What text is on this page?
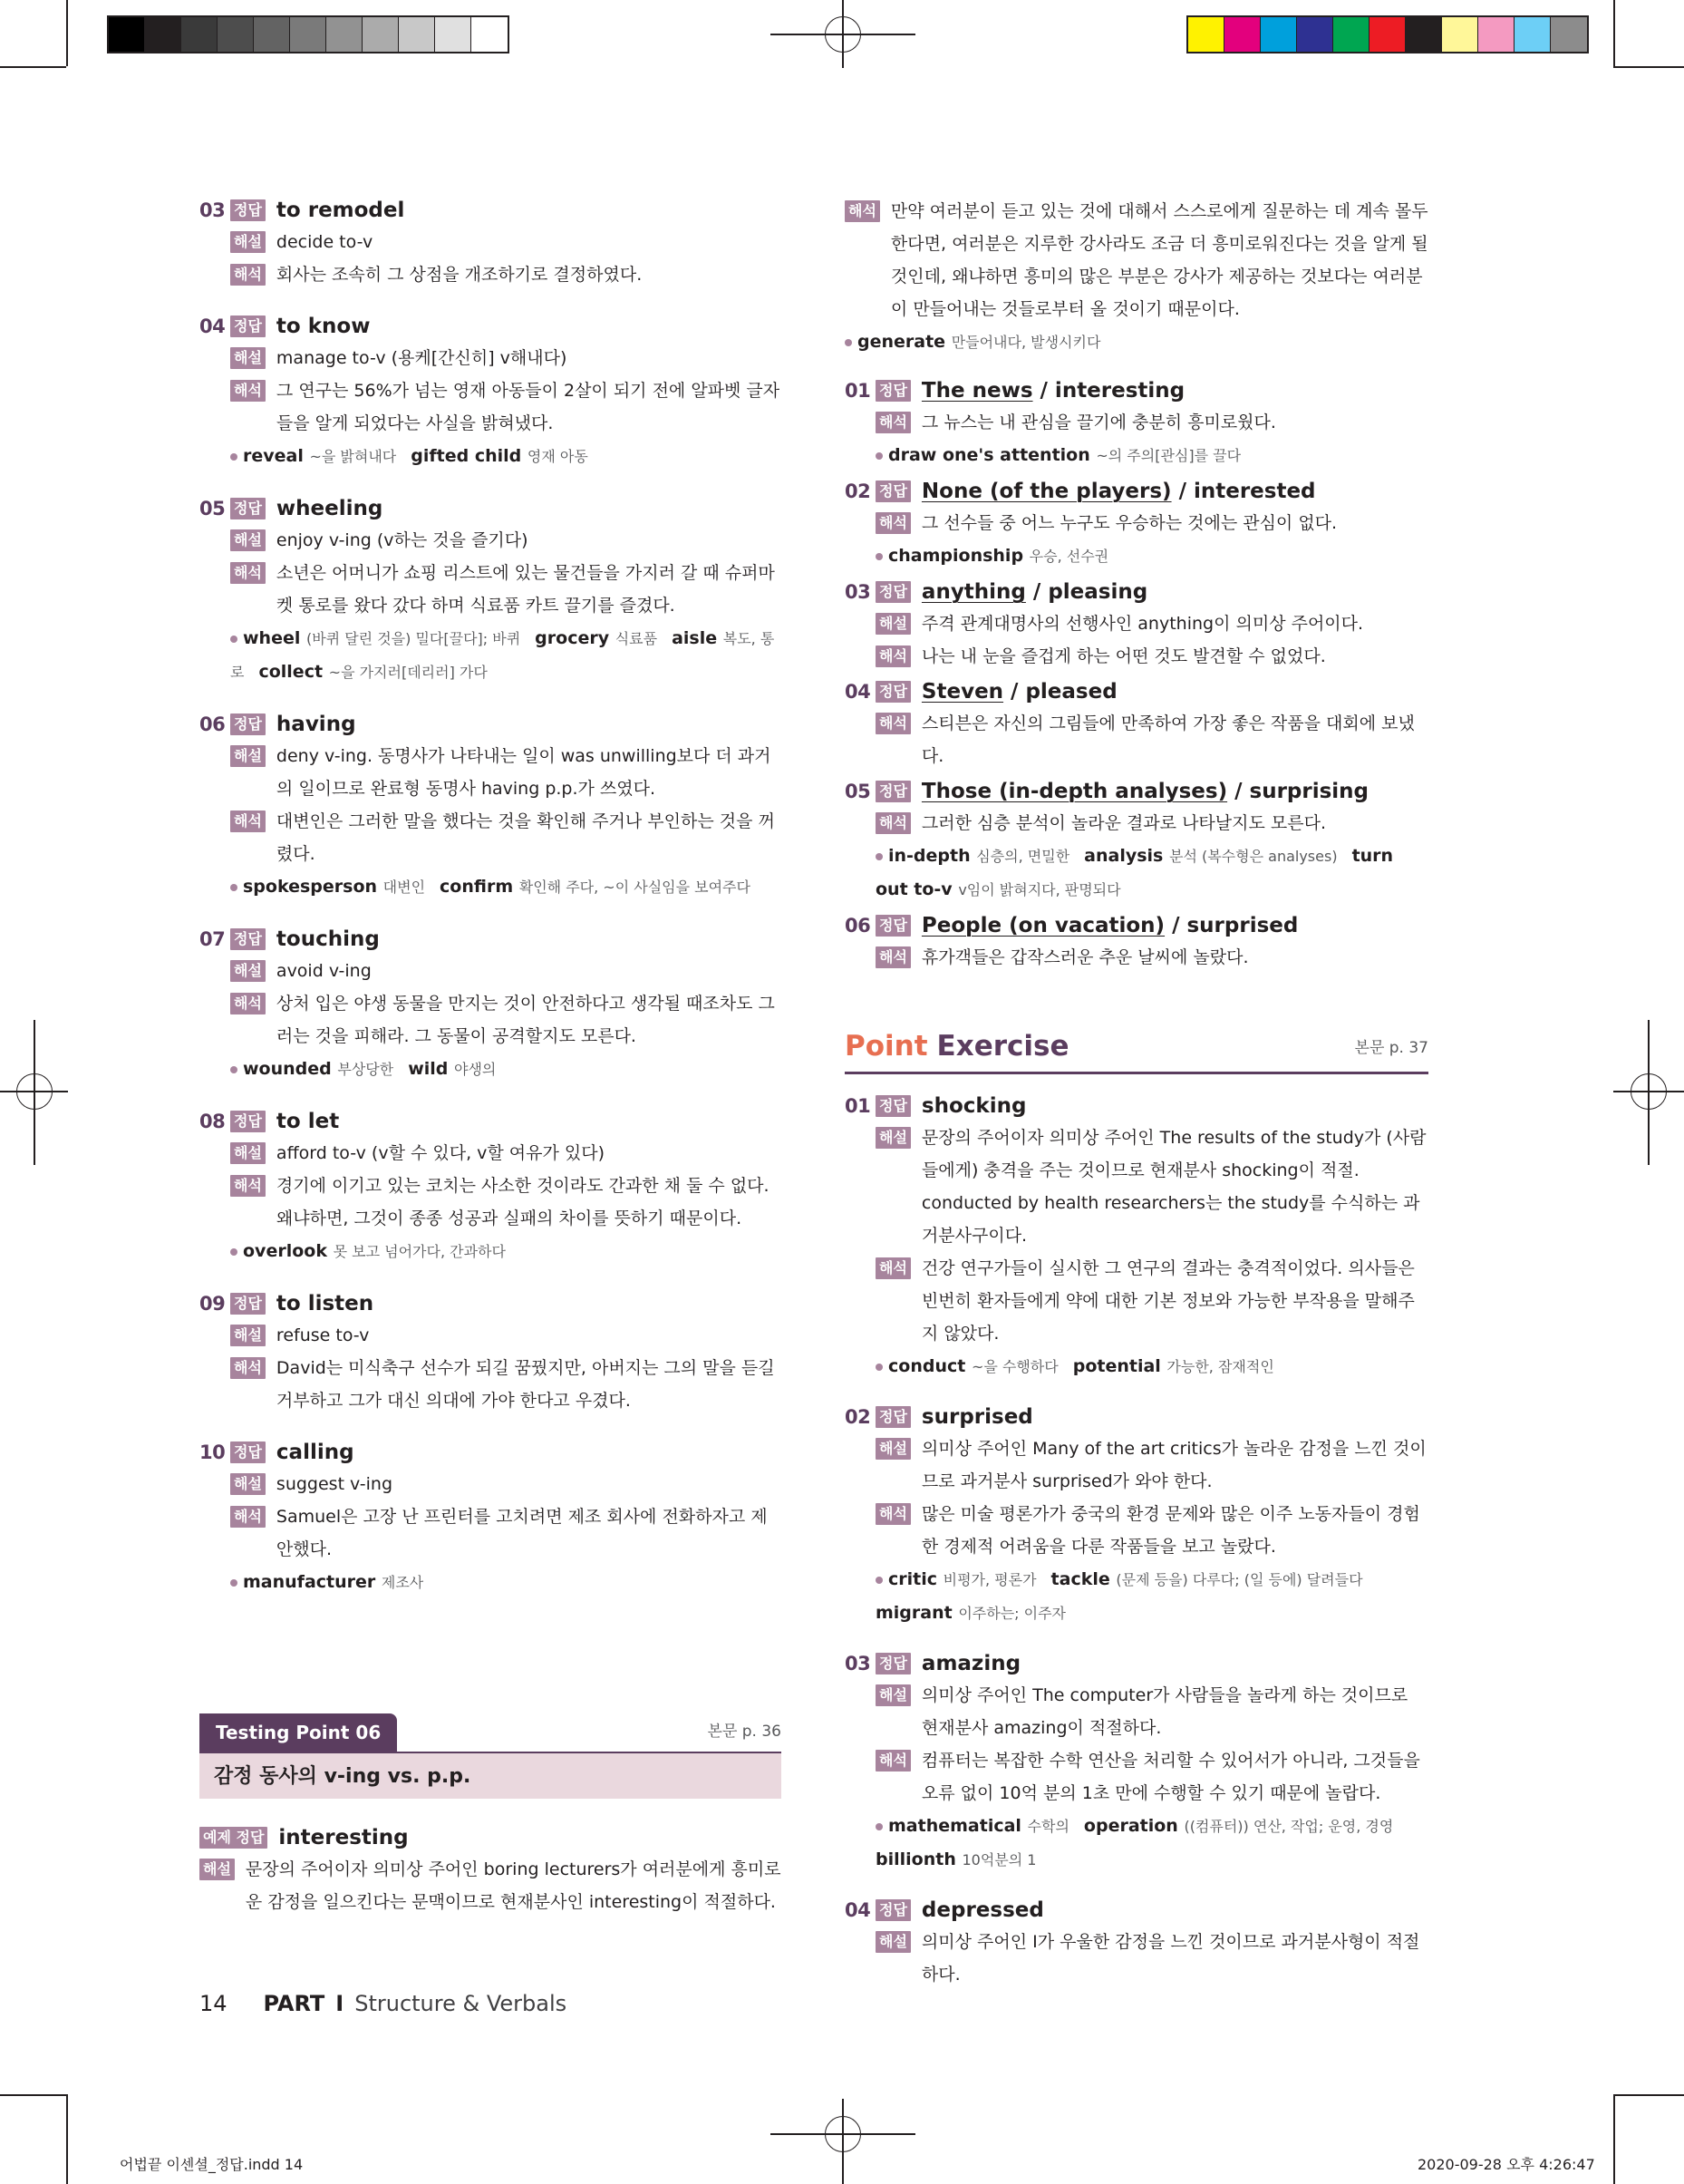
03 정답 to remodel
해설 decide to-v
해석 회사는 조속히 그 상점을 개조하기로 결정하였다.
04 정답 to know
해설 manage to-v (용케[간신히] v해내다)
해석 그 연구는 56%가 넘는 영재 아동들이 2살이 되기 전에 알파벳 글자들을 알게 되었다는 사실을 밝혀냈다.
reveal ~을 밝혀내다 gifted child 영재 아동
05 정답 wheeling
해설 enjoy v-ing (v하는 것을 즐기다)
해석 소년은 어머니가 쇼핑 리스트에 있는 물건들을 가지러 갈 때 슈퍼마켓 통로를 왔다 갔다 하며 식료품 카트 끌기를 즐겼다.
wheel (바퀴 달린 것을) 밀다[끌다]; 바퀴 grocery 식료품 aisle 복도, 통로 collect ~을 가지러[데리러] 가다
06 정답 having
해설 deny v-ing. 동명사가 나타내는 일이 was unwilling보다 더 과거의 일이므로 완료형 동명사 having p.p.가 쓰였다.
해석 대변인은 그러한 말을 했다는 것을 확인해 주거나 부인하는 것을 꺼렸다.
spokesperson 대변인 confirm 확인해 주다, ~이 사실임을 보여주다
07 정답 touching
해설 avoid v-ing
해석 상처 입은 야생 동물을 만지는 것이 안전하다고 생각될 때조차도 그러는 것을 피해라. 그 동물이 공격할지도 모른다.
wounded 부상당한 wild 야생의
08 정답 to let
해설 afford to-v (v할 수 있다, v할 여유가 있다)
해석 경기에 이기고 있는 코치는 사소한 것이라도 간과한 채 둘 수 없다. 왜냐하면, 그것이 종종 성공과 실패의 차이를 뜻하기 때문이다.
overlook 못 보고 넘어가다, 간과하다
09 정답 to listen
해설 refuse to-v
해석 David는 미식축구 선수가 되길 꿈꿨지만, 아버지는 그의 말을 듣길 거부하고 그가 대신 의대에 가야 한다고 우겼다.
10 정답 calling
해설 suggest v-ing
해석 Samuel은 고장 난 프린터를 고치려면 제조 회사에 전화하자고 제안했다.
manufacturer 제조사
Testing Point 06	본문 p. 36
감정 동사의 v-ing vs. p.p.
예제 정답 interesting
해설 문장의 주어이자 의미상 주어인 boring lecturers가 여러분에게 흥미로운 감정을 일으킨다는 문맥이므로 현재분사인 interesting이 적절하다.
해석 만약 여러분이 듣고 있는 것에 대해서 스스로에게 질문하는 데 계속 몰두한다면, 여러분은 지루한 강사라도 조금 더 흥미로워진다는 것을 알게 될 것인데, 왜냐하면 흥미의 많은 부분은 강사가 제공하는 것보다는 여러분이 만들어내는 것들로부터 올 것이기 때문이다.
generate 만들어내다, 발생시키다
01 정답 The news / interesting
해석 그 뉴스는 내 관심을 끌기에 충분히 흥미로웠다.
draw one's attention ~의 주의[관심]를 끌다
02 정답 None (of the players) / interested
해석 그 선수들 중 어느 누구도 우승하는 것에는 관심이 없다.
championship 우승, 선수권
03 정답 anything / pleasing
해설 주격 관계대명사의 선행사인 anything이 의미상 주어이다.
해석 나는 내 눈을 즐겁게 하는 어떤 것도 발견할 수 없었다.
04 정답 Steven / pleased
해석 스티븐은 자신의 그림들에 만족하여 가장 좋은 작품을 대회에 보냈다.
05 정답 Those (in-depth analyses) / surprising
해석 그러한 심층 분석이 놀라운 결과로 나타날지도 모른다.
in-depth 심층의, 면밀한 analysis 분석 (복수형은 analyses) turn out to-v v임이 밝혀지다, 판명되다
06 정답 People (on vacation) / surprised
해석 휴가객들은 갑작스러운 추운 날씨에 놀랐다.
Point Exercise	본문 p. 37
01 정답 shocking
해설 문장의 주어이자 의미상 주어인 The results of the study가 (사람들에게) 충격을 주는 것이므로 현재분사 shocking이 적절. conducted by health researchers는 the study를 수식하는 과거분사구이다.
해석 건강 연구가들이 실시한 그 연구의 결과는 충격적이었다. 의사들은 빈번히 환자들에게 약에 대한 기본 정보와 가능한 부작용을 말해주지 않았다.
conduct ~을 수행하다 potential 가능한, 잠재적인
02 정답 surprised
해설 의미상 주어인 Many of the art critics가 놀라운 감정을 느낀 것이므로 과거분사 surprised가 와야 한다.
해석 많은 미술 평론가가 중국의 환경 문제와 많은 이주 노동자들이 경험한 경제적 어려움을 다룬 작품들을 보고 놀랐다.
critic 비평가, 평론가 tackle (문제 등을) 다루다; (일 등에) 달려들다migrant 이주하는; 이주자
03 정답 amazing
해설 의미상 주어인 The computer가 사람들을 놀라게 하는 것이므로 현재분사 amazing이 적절하다.
해석 컴퓨터는 복잡한 수학 연산을 처리할 수 있어서가 아니라, 그것들을 오류 없이 10억 분의 1초 만에 수행할 수 있기 때문에 놀랍다.
mathematical 수학의 operation ((컴퓨터)) 연산, 작업; 운영, 경영billionth 10억분의 1
04 정답 depressed
해설 의미상 주어인 I가 우울한 감정을 느낀 것이므로 과거분사형이 적절하다.
14 PART I Structure & Verbals
어법끝 이센셜_정답.indd 14	2020-09-28 오후 4:26:47
